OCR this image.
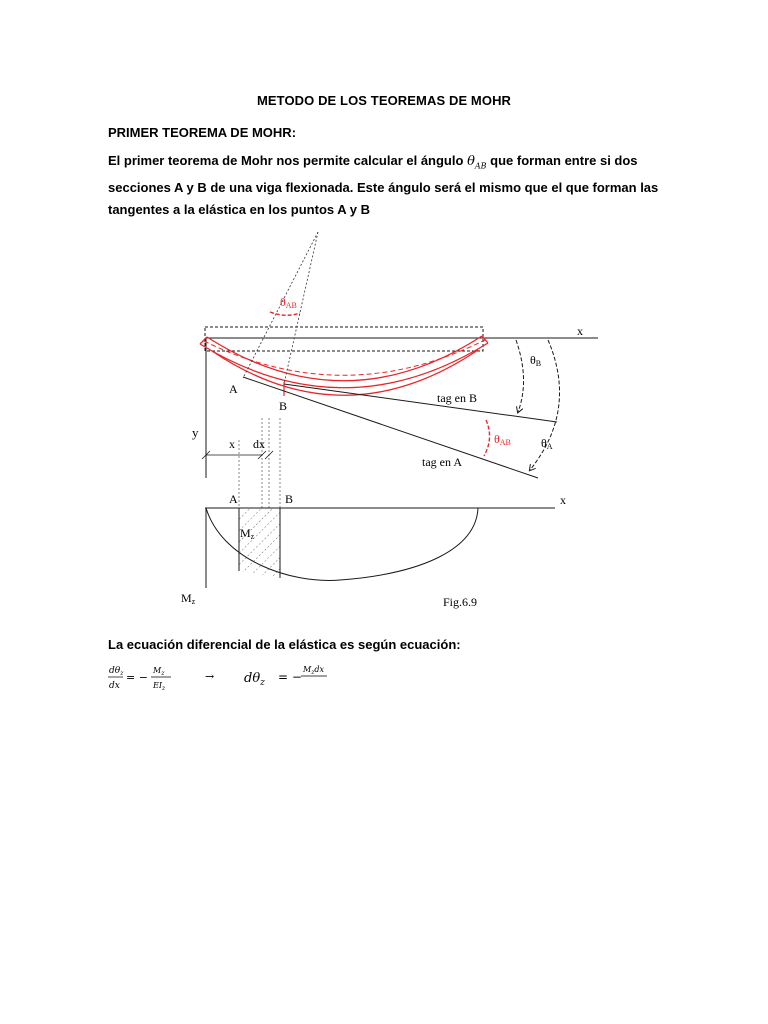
METODO DE LOS TEOREMAS DE MOHR
PRIMER TEOREMA DE MOHR:
El primer teorema de Mohr nos permite calcular el ángulo $\theta_{AB}$ que forman entre si dos secciones A y B de una viga flexionada. Este ángulo será el mismo que el que forman las tangentes a la elástica en los puntos A y B
x
y
θAB
A
B
tag en B
tag en A
θB
θA
θAB
x dx
A	B	x
Mz
Mz	Fig.6.9
La ecuación diferencial de la elástica es según ecuación:
$d\theta_z$
dx
= −
$M_z$
$EI_z$
→ $d\theta_z$ = −
$M_zdx$
